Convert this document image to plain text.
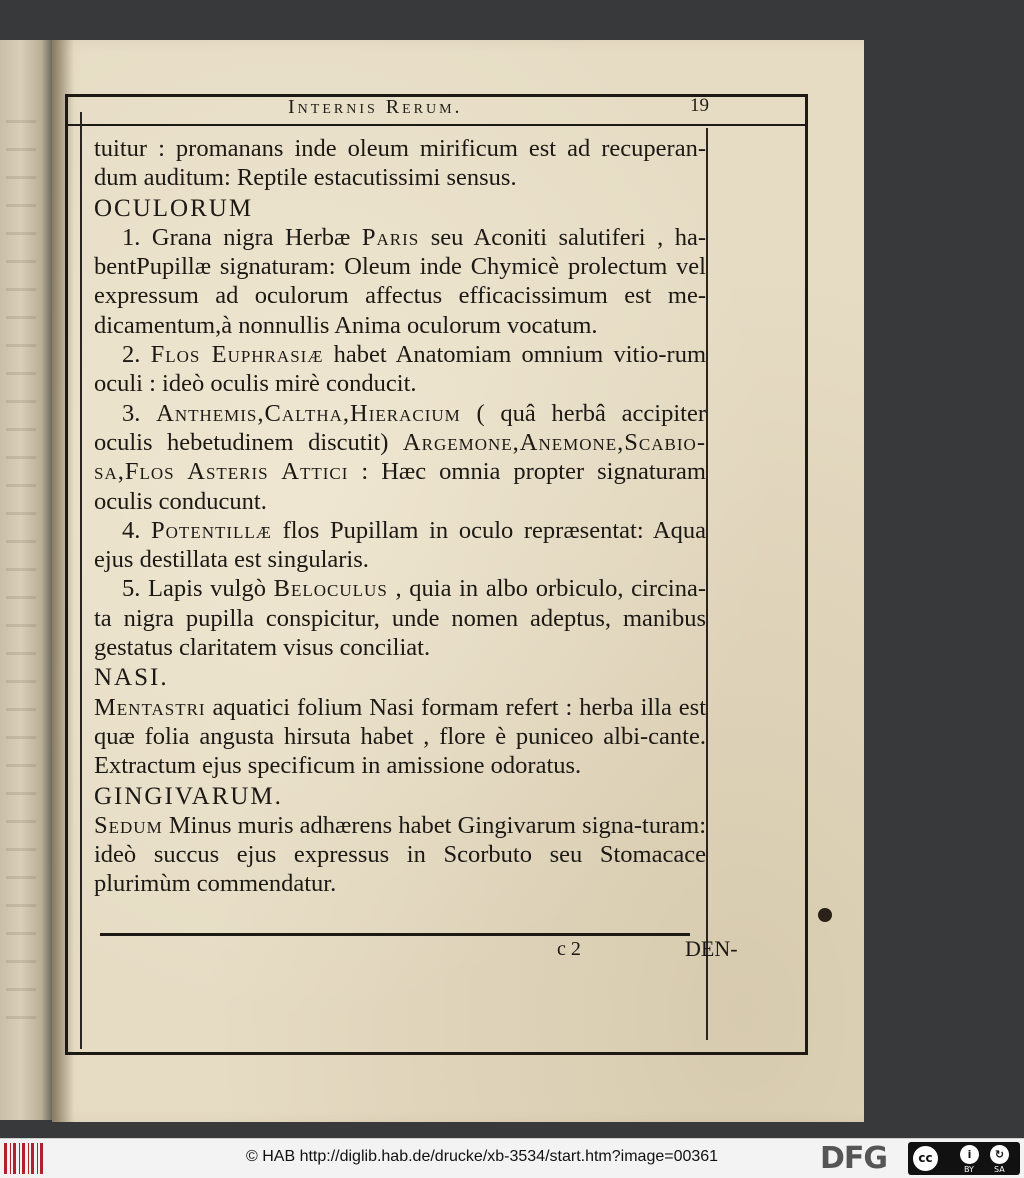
Internis Rerum.	19
c 2	DEN-

tuitur : promanans inde oleum mirificum est ad recuperan- dum auditum: Reptile estacutissimi sensus.

OCULORUM

1. Grana nigra Herbæ Paris seu Aconiti salutiferi , ha-bentPupillæ signaturam: Oleum inde Chymicè prolectum vel expressum ad oculorum affectus efficacissimum est me-dicamentum,à nonnullis Anima oculorum vocatum.

2. Flos Euphrasiæ habet Anatomiam omnium vitio-rum oculi : ideò oculis mirè conducit.

3. Anthemis,Caltha,Hieracium ( quâ herbâ accipiter oculis hebetudinem discutit) Argemone,Anemone,Scabio-sa,Flos Asteris Attici : Hæc omnia propter signaturam oculis conducunt.

4. Potentillæ flos Pupillam in oculo repræsentat: Aqua ejus destillata est singularis.

5. Lapis vulgò Beloculus , quia in albo orbiculo, circina-ta nigra pupilla conspicitur, unde nomen adeptus, manibus gestatus claritatem visus conciliat.

NASI.

Mentastri aquatici folium Nasi formam refert : herba illa est quæ folia angusta hirsuta habet , flore è puniceo albi-cante. Extractum ejus specificum in amissione odoratus.

GINGIVARUM.

Sedum Minus muris adhærens habet Gingivarum signa-turam: ideò succus ejus expressus in Scorbuto seu Stomacace plurimùm commendatur.

© HAB http://diglib.hab.de/drucke/xb-3534/start.htm?image=00361	DFG	cc	i	↻
BY	SA
